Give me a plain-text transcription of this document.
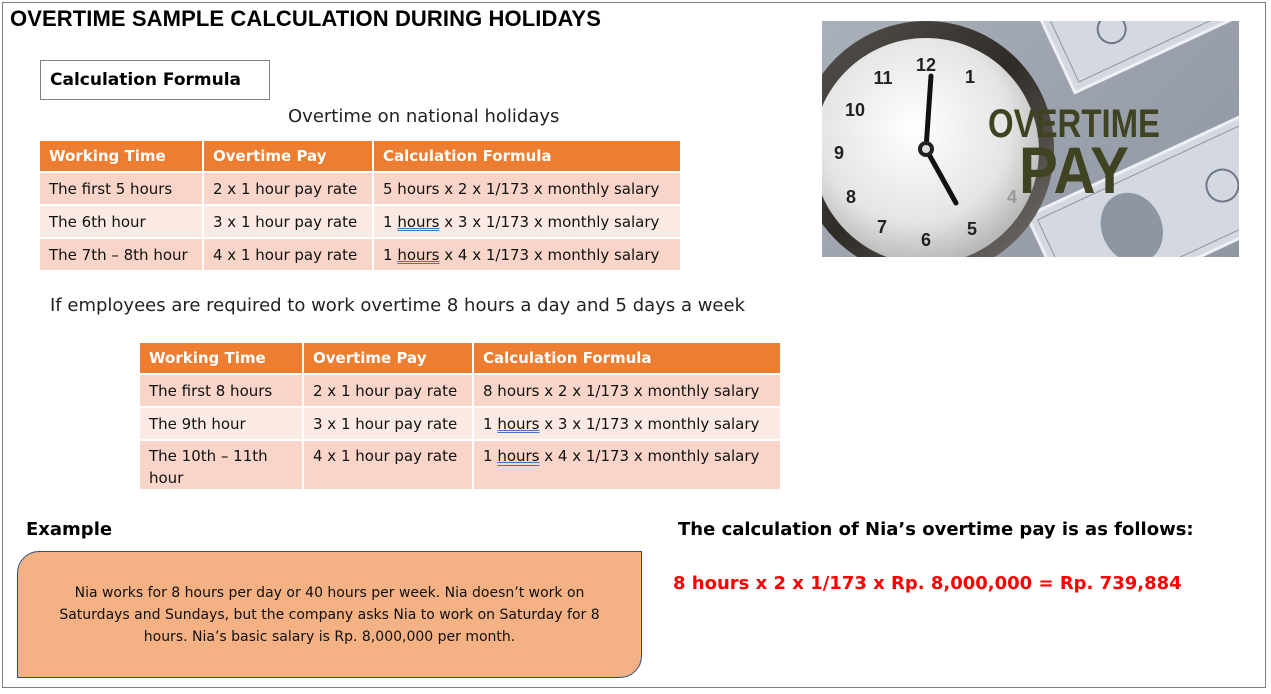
OVERTIME SAMPLE CALCULATION DURING HOLIDAYS
Calculation Formula
Overtime on national holidays
Working Time	Overtime Pay	Calculation Formula
The first 5 hours	2 x 1 hour pay rate	5 hours x 2 x 1/173 x monthly salary
The 6th hour	3 x 1 hour pay rate	1 hours x 3 x 1/173 x monthly salary
The 7th – 8th hour	4 x 1 hour pay rate	1 hours x 4 x 1/173 x monthly salary
If employees are required to work overtime 8 hours a day and 5 days a week
Working Time	Overtime Pay	Calculation Formula
The first 8 hours	2 x 1 hour pay rate	8 hours x 2 x 1/173 x monthly salary
The 9th hour	3 x 1 hour pay rate	1 hours x 3 x 1/173 x monthly salary
The 10th – 11th
hour	4 x 1 hour pay rate	1 hours x 4 x 1/173 x monthly salary
Example
Nia works for 8 hours per day or 40 hours per week. Nia doesn’t work on Saturdays and Sundays, but the company asks Nia to work on Saturday for 8 hours. Nia’s basic salary is Rp. 8,000,000 per month.
The calculation of Nia’s overtime pay is as follows:
8 hours x 2 x 1/173 x Rp. 8,000,000 = Rp. 739,884
12
1
4
5
6
7
8
9
10
11
OVERTIME
PAY
